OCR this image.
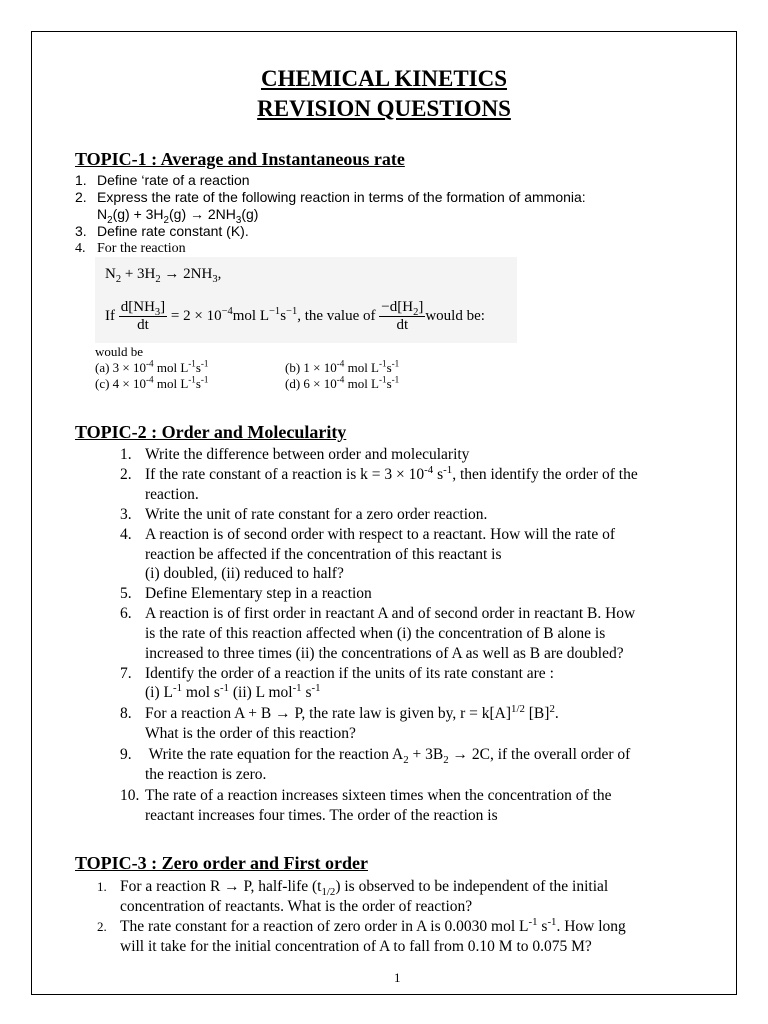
CHEMICAL KINETICS
REVISION QUESTIONS
TOPIC-1 : Average and Instantaneous rate
1. Define ‘rate of a reaction
2. Express the rate of the following reaction in terms of the formation of ammonia:
$N_2(g) + 3H_2(g) \to 2NH_3(g)$
3. Define rate constant (K).
4. For the reaction
$N_2 + 3H_2 \to 2NH_3$,
If $\frac{d[NH_3]}{dt} = 2 \times 10^{-4}mol$ $L^{-1}s^{-1}$, the value of $\frac{-d[H_2]}{dt}$ would be:
would be
(a) $3 \times 10^{-4}$ mol $L^{-1}s^{-1}$	(b) $1 \times 10^{-4}$ mol $L^{-1}s^{-1}$
(c) $4 \times 10^{-4}$ mol $L^{-1}s^{-1}$	(d) $6 \times 10^{-4}$ mol $L^{-1}s^{-1}$
TOPIC-2 : Order and Molecularity
1. Write the difference between order and molecularity
2. If the rate constant of a reaction is $k = 3 \times 10^{-4}$ $s^{-1}$, then identify the order of the
reaction.
3. Write the unit of rate constant for a zero order reaction.
4. A reaction is of second order with respect to a reactant. How will the rate of
reaction be affected if the concentration of this reactant is
(i) doubled, (ii) reduced to half?
5. Define Elementary step in a reaction
6. A reaction is of first order in reactant A and of second order in reactant B. How
is the rate of this reaction affected when (i) the concentration of B alone is
increased to three times (ii) the concentrations of A as well as B are doubled?
7. Identify the order of a reaction if the units of its rate constant are :
(i) $L^{-1}$ mol $s^{-1}$ (ii) L mol$^{-1}$ $s^{-1}$
8. For a reaction A + B → P, the rate law is given by, $r = k[A]^{1/2}$ $[B]^2$.
What is the order of this reaction?
9. Write the rate equation for the reaction $A_2 + 3B_2 \to 2C$, if the overall order of
the reaction is zero.
10. The rate of a reaction increases sixteen times when the concentration of the
reactant increases four times. The order of the reaction is
TOPIC-3 : Zero order and First order
1. For a reaction R → P, half-life $(t_{1/2})$ is observed to be independent of the initial
concentration of reactants. What is the order of reaction?
2. The rate constant for a reaction of zero order in A is 0.0030 mol $L^{-1}$ $s^{-1}$. How long
will it take for the initial concentration of A to fall from 0.10 M to 0.075 M?
1
